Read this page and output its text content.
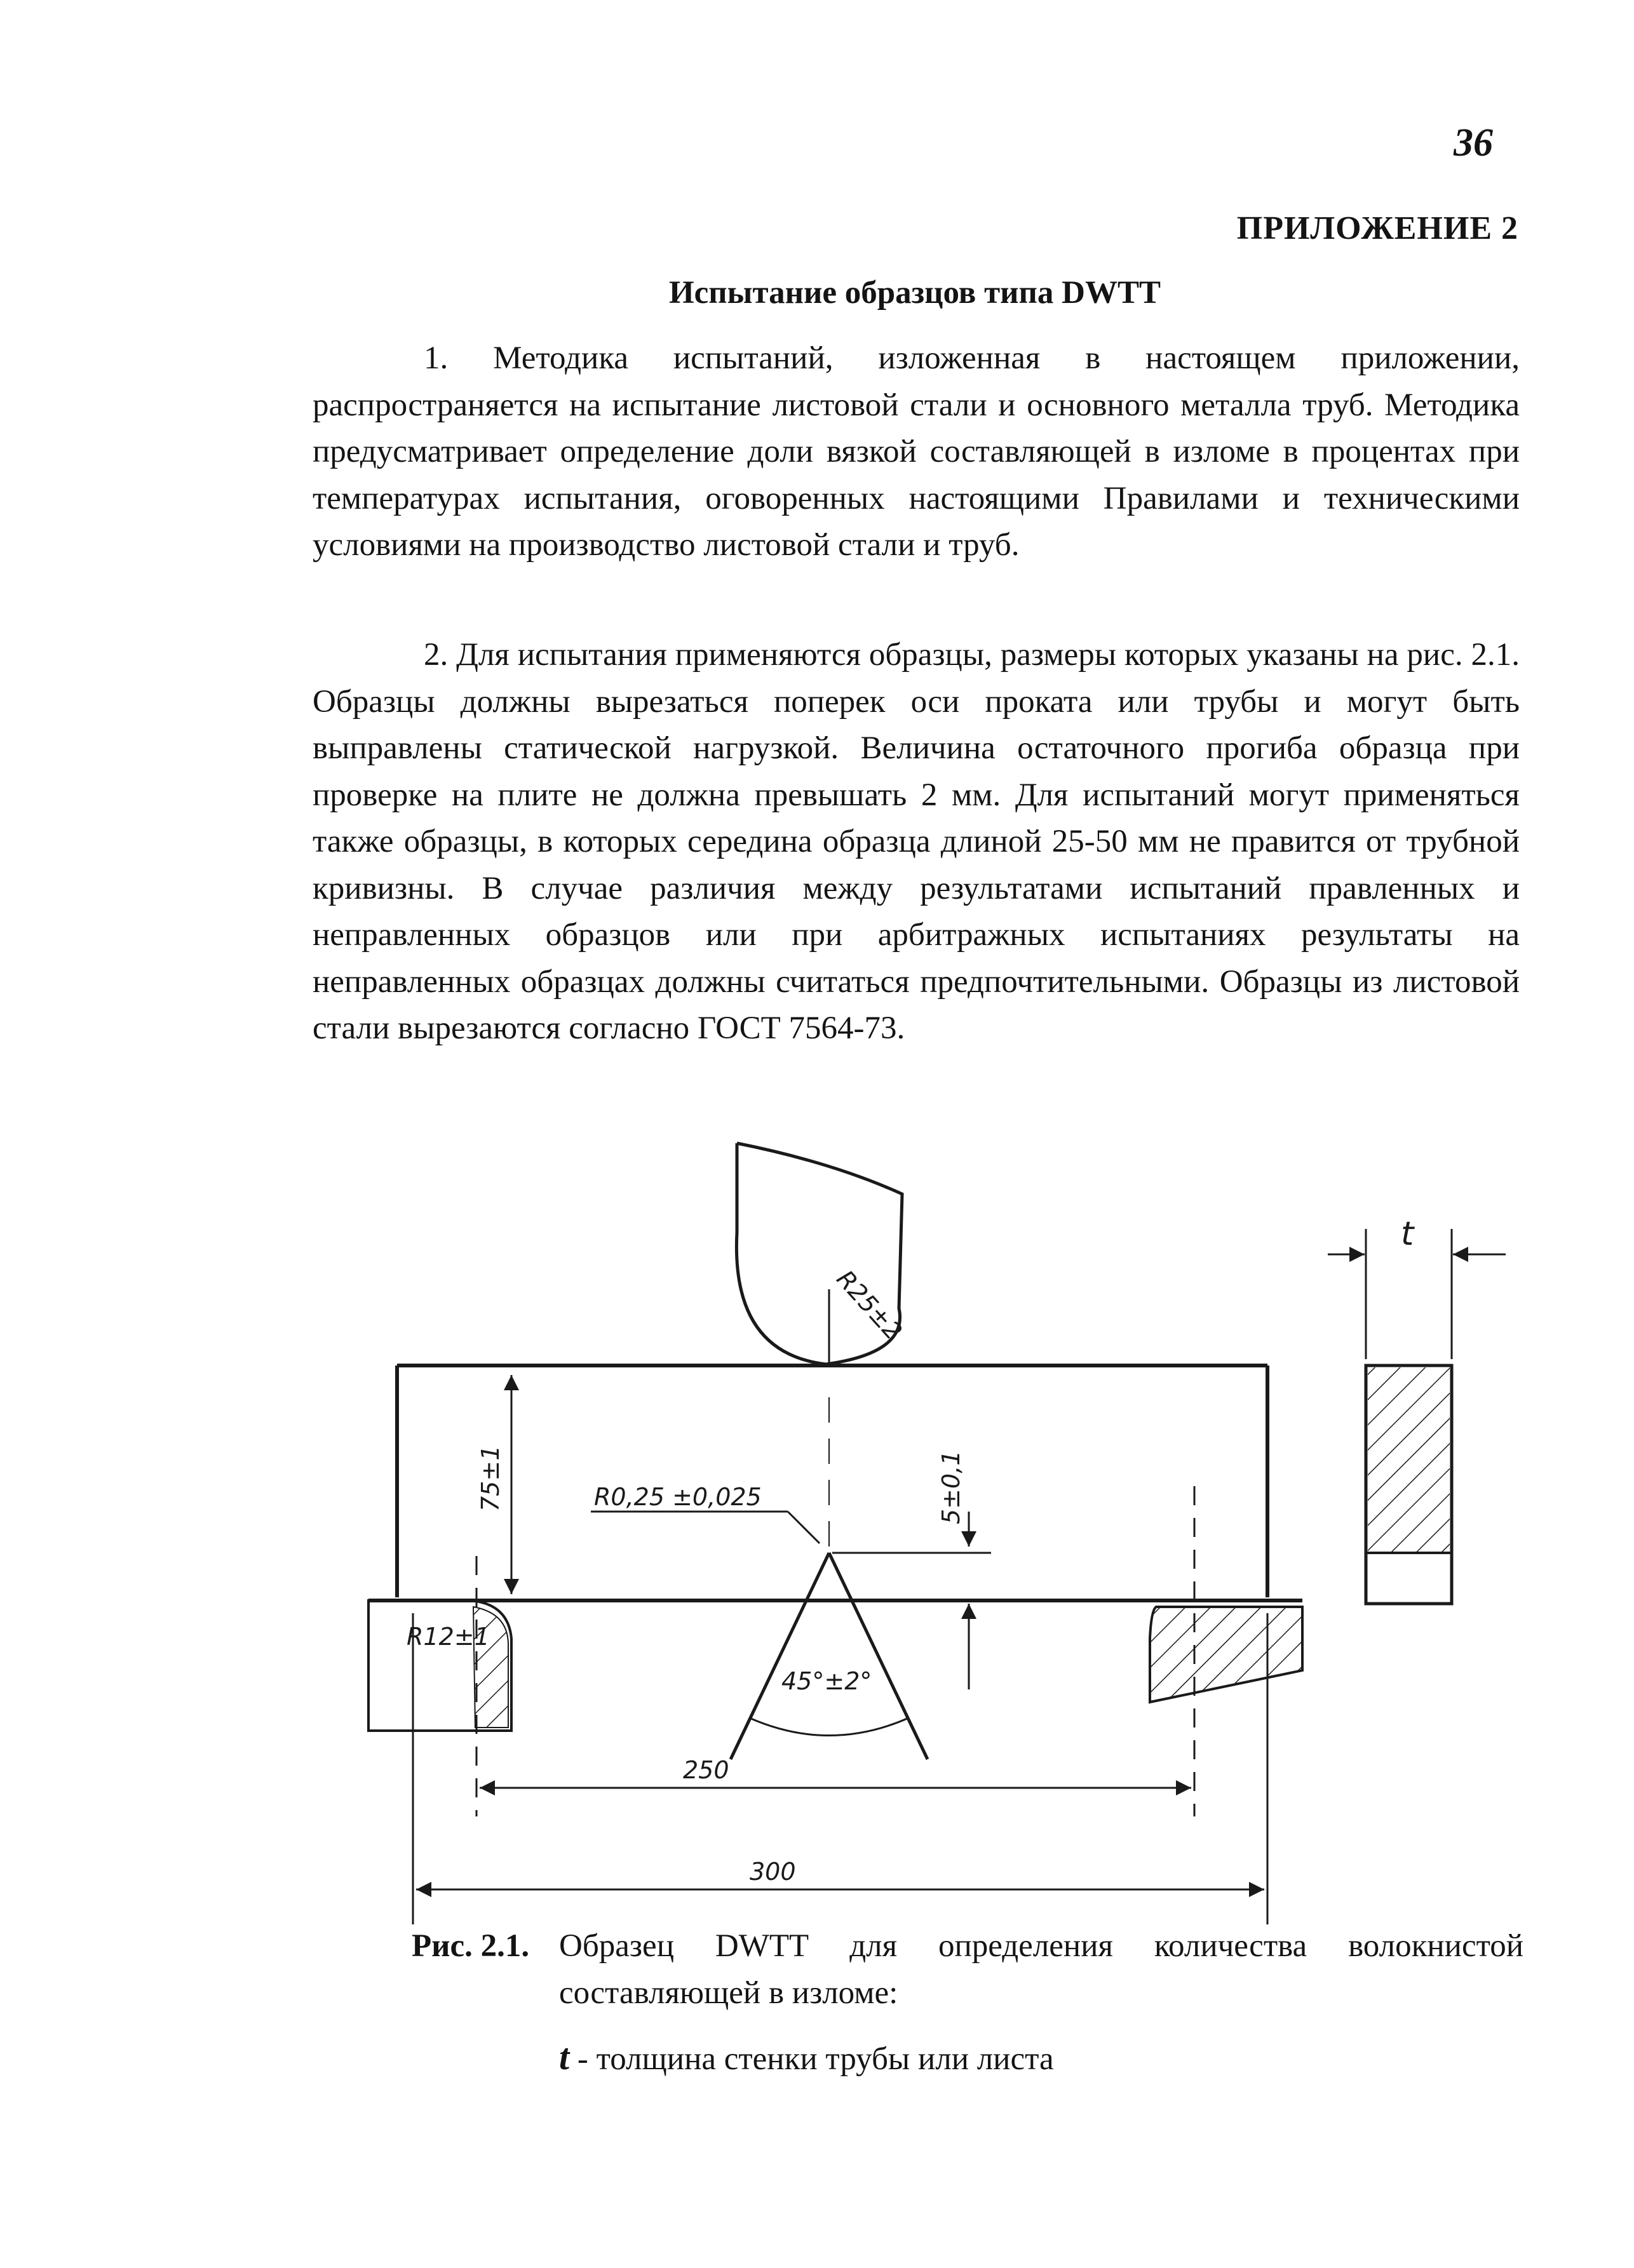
36
ПРИЛОЖЕНИЕ 2
Испытание образцов типа DWTT

1. Методика испытаний, изложенная в настоящем приложении, распространяется на испытание листовой стали и основного металла труб. Методика предусматривает определение доли вязкой составляющей в изломе в процентах при температурах испытания, оговоренных настоящими Правилами и техническими условиями на производство листовой стали и труб.

2. Для испытания применяются образцы, размеры которых указаны на рис. 2.1. Образцы должны вырезаться поперек оси проката или трубы и могут быть выправлены статической нагрузкой. Величина остаточного прогиба образца при проверке на плите не должна превышать 2 мм. Для испытаний могут применяться также образцы, в которых середина образца длиной 25-50 мм не правится от трубной кривизны. В случае различия между результатами испытаний правленных и неправленных образцов или при арбитражных испытаниях результаты на неправленных образцах должны считаться предпочтительными. Образцы из листовой стали вырезаются согласно ГОСТ 7564-73.

R25±2
R0,25 ±0,025
75±1	5±0,1
R12±1
45°±2°
250
300
t
Рис. 2.1. Образец DWTT для определения количества волокнистой составляющей в изломе:
t - толщина стенки трубы или листа
